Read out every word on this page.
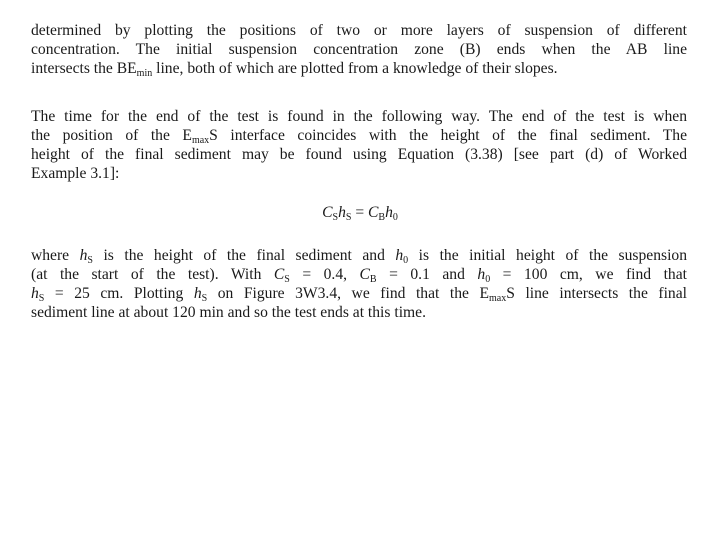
determined by plotting the positions of two or more layers of suspension of different
concentration. The initial suspension concentration zone (B) ends when the AB line
intersects the $BE_{min}$ line, both of which are plotted from a knowledge of their slopes.

The time for the end of the test is found in the following way. The end of the test is when
the position of the $E_{max}S$ interface coincides with the height of the final sediment. The
height of the final sediment may be found using Equation (3.38) [see part (d) of Worked
Example 3.1]:

$C_Sh_S = C_Bh_0$

where $h_S$ is the height of the final sediment and $h_0$ is the initial height of the suspension
(at the start of the test). With $C_S = 0.4$, $C_B = 0.1$ and $h_0 = 100$ cm, we find that
$h_S = 25$ cm. Plotting $h_S$ on Figure 3W3.4, we find that the $E_{max}S$ line intersects the final
sediment line at about 120 min and so the test ends at this time.
